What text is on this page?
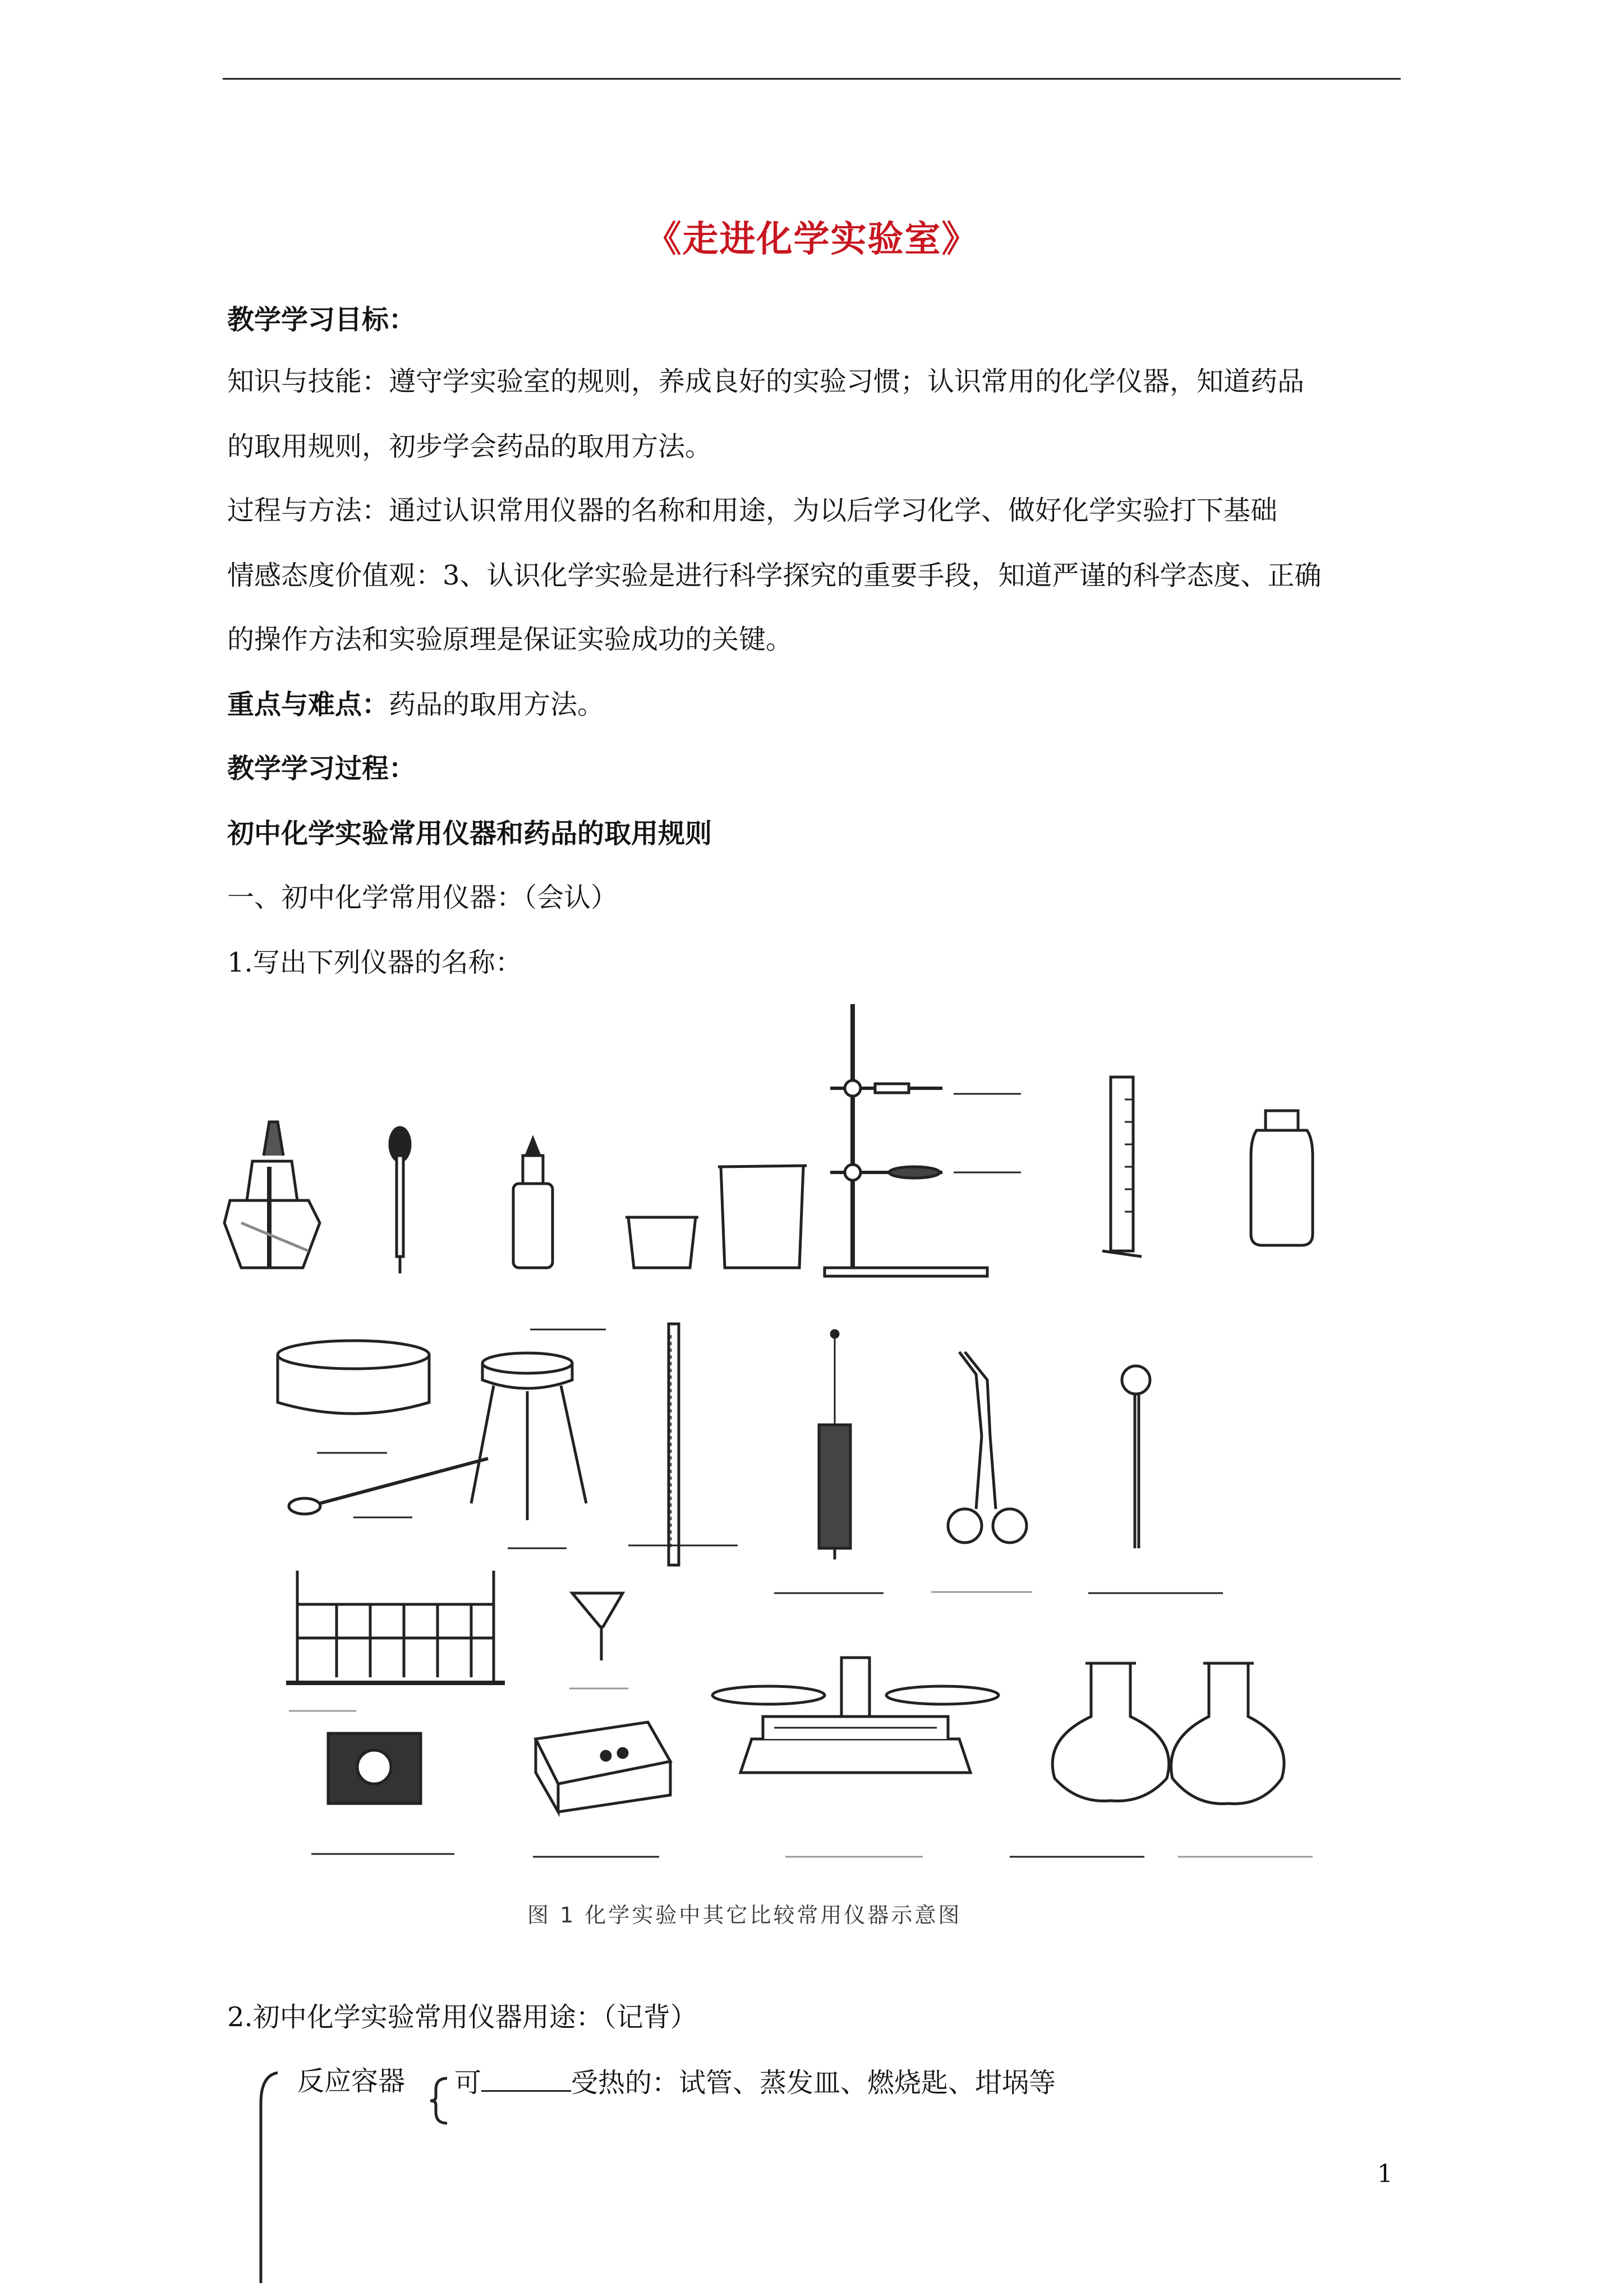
《走进化学实验室》
教学学习目标：
知识与技能：遵守学实验室的规则，养成良好的实验习惯；认识常用的化学仪器，知道药品
的取用规则，初步学会药品的取用方法。
过程与方法：通过认识常用仪器的名称和用途，为以后学习化学、做好化学实验打下基础
情感态度价值观：3、认识化学实验是进行科学探究的重要手段，知道严谨的科学态度、正确
的操作方法和实验原理是保证实验成功的关键。
重点与难点：药品的取用方法。
教学学习过程：
初中化学实验常用仪器和药品的取用规则
一、初中化学常用仪器：（会认）
1.写出下列仪器的名称：
图 1 化学实验中其它比较常用仪器示意图
2.初中化学实验常用仪器用途：（记背）
反应容器 可	受热的：试管、蒸发皿、燃烧匙、坩埚等
1
